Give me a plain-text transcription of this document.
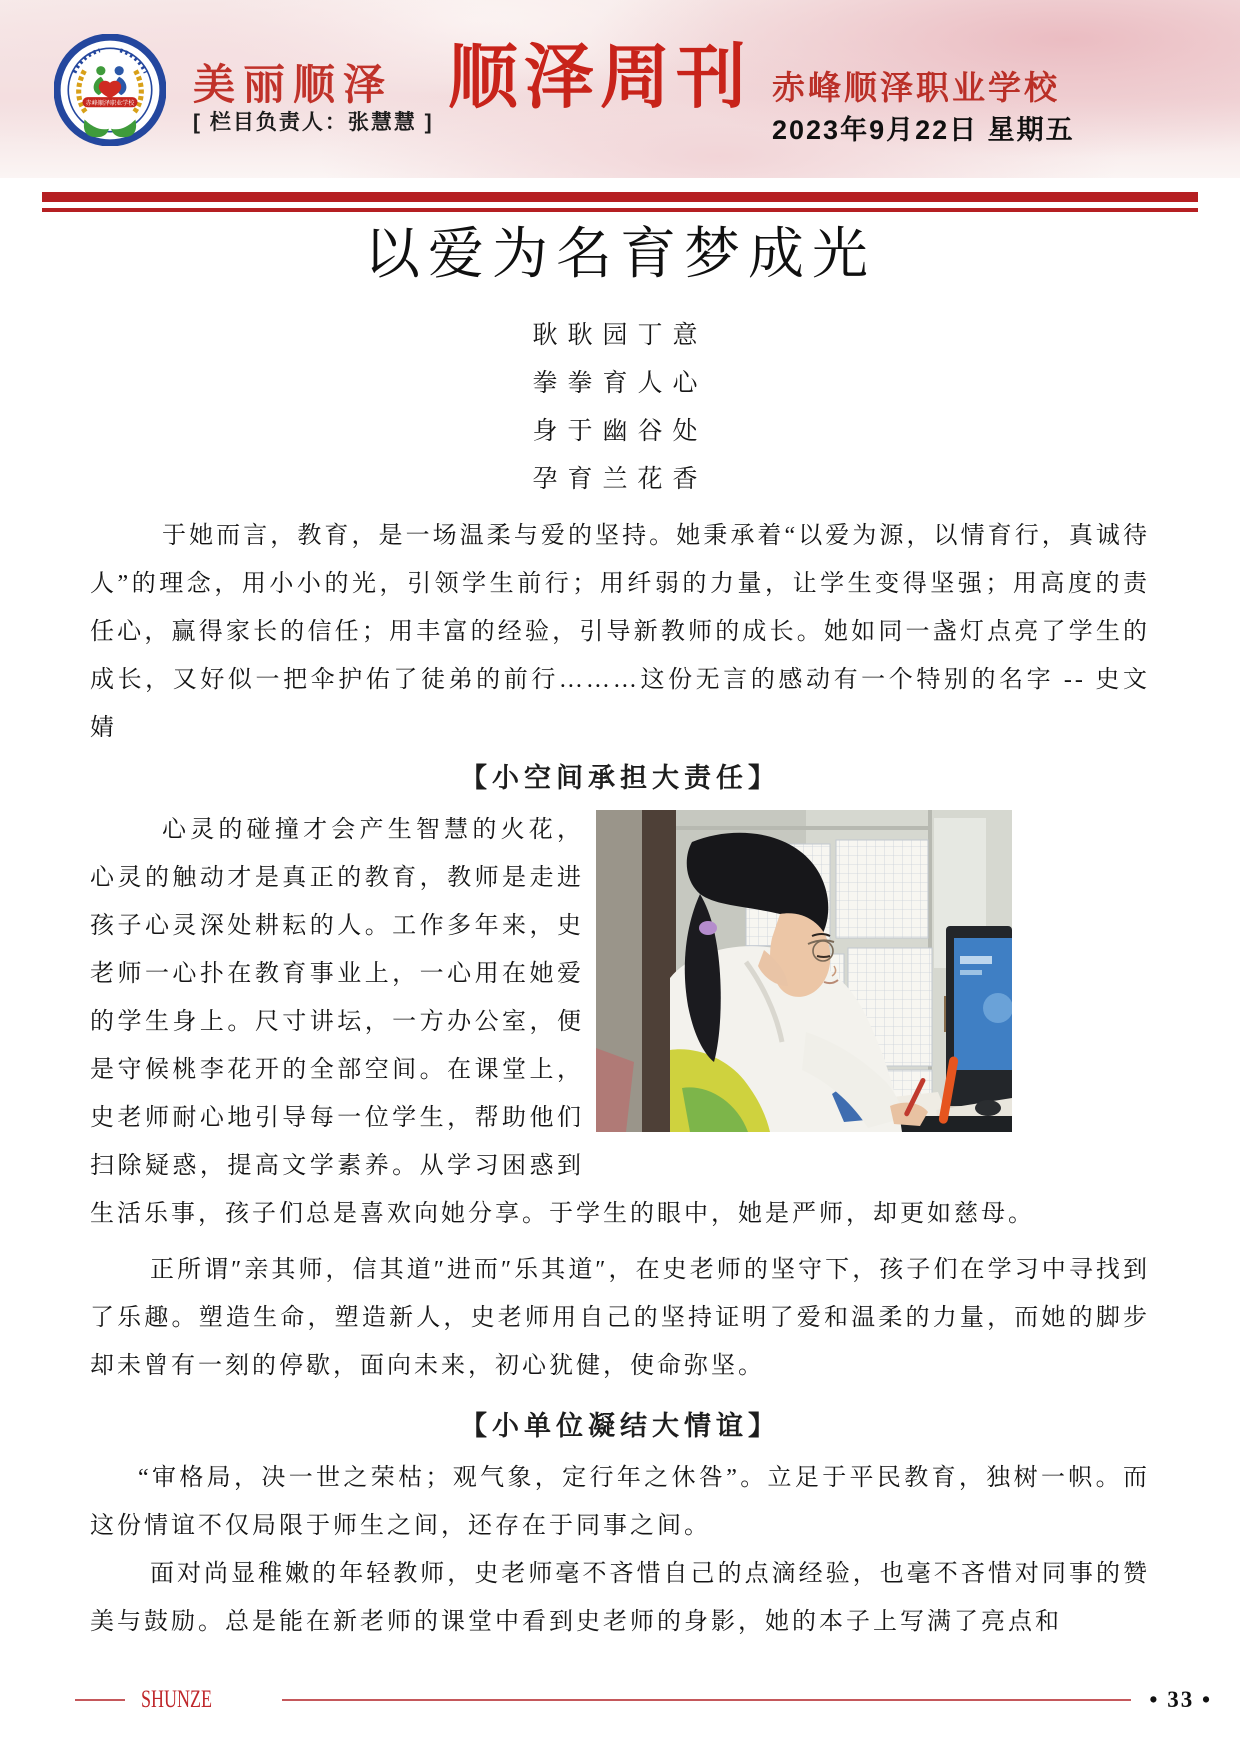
赤峰顺泽职业学校 美丽顺泽
[ 栏目负责人：张慧慧 ]
顺泽周刊 赤峰顺泽职业学校
2023年9月22日 星期五
以爱为名育梦成光
耿耿园丁意
拳拳育人心
身于幽谷处
孕育兰花香

于她而言，教育，是一场温柔与爱的坚持。她秉承着“以爱为源，以情育行，真诚待人”的理念，用小小的光，引领学生前行；用纤弱的力量，让学生变得坚强；用高度的责任心，赢得家长的信任；用丰富的经验，引导新教师的成长。她如同一盏灯点亮了学生的成长，又好似一把伞护佑了徒弟的前行………这份无言的感动有一个特别的名字 -- 史文婧

【小空间承担大责任】

心灵的碰撞才会产生智慧的火花，心灵的触动才是真正的教育，教师是走进孩子心灵深处耕耘的人。工作多年来，史老师一心扑在教育事业上，一心用在她爱的学生身上。尺寸讲坛，一方办公室，便是守候桃李花开的全部空间。在课堂上，史老师耐心地引导每一位学生，帮助他们扫除疑惑，提高文学素养。从学习困惑到生活乐事，孩子们总是喜欢向她分享。于学生的眼中，她是严师，却更如慈母。

正所谓″亲其师，信其道″进而″乐其道″，在史老师的坚守下，孩子们在学习中寻找到了乐趣。塑造生命，塑造新人，史老师用自己的坚持证明了爱和温柔的力量，而她的脚步却未曾有一刻的停歇，面向未来，初心犹健，使命弥坚。

【小单位凝结大情谊】

“审格局，决一世之荣枯；观气象，定行年之休咎”。立足于平民教育，独树一帜。而这份情谊不仅局限于师生之间，还存在于同事之间。

面对尚显稚嫩的年轻教师，史老师毫不吝惜自己的点滴经验，也毫不吝惜对同事的赞美与鼓励。总是能在新老师的课堂中看到史老师的身影，她的本子上写满了亮点和

SHUNZE	• 33 •
